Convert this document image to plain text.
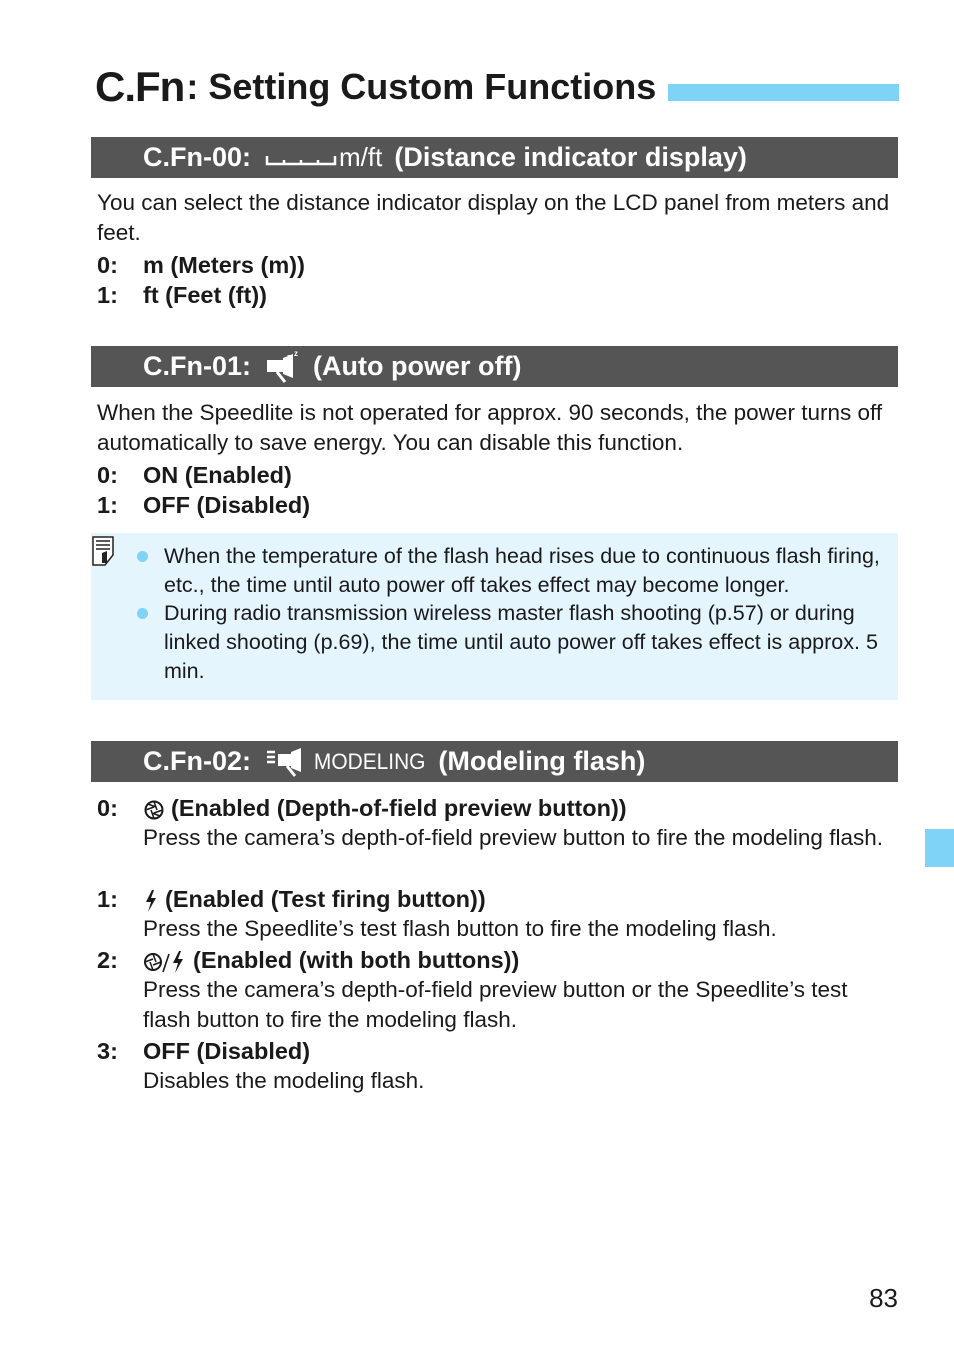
C.Fn : Setting Custom Functions
C.Fn-00:	m/ft (Distance indicator display)
You can select the distance indicator display on the LCD panel from meters and feet.
0: m (Meters (m))
1: ft (Feet (ft))
C.Fn-01:	z z (Auto power off)
When the Speedlite is not operated for approx. 90 seconds, the power turns off automatically to save energy. You can disable this function.
0: ON (Enabled)
1: OFF (Disabled)
When the temperature of the flash head rises due to continuous flash firing, etc., the time until auto power off takes effect may become longer.
During radio transmission wireless master flash shooting (p.57) or during linked shooting (p.69), the time until auto power off takes effect is approx. 5 min.
C.Fn-02:	MODELING (Modeling flash)
0: (Enabled (Depth-of-field preview button))
Press the camera’s depth-of-field preview button to fire the modeling flash.
1: (Enabled (Test firing button))
Press the Speedlite’s test flash button to fire the modeling flash.
2:	(Enabled (with both buttons))
Press the camera’s depth-of-field preview button or the Speedlite’s test flash button to fire the modeling flash.
3: OFF (Disabled)
Disables the modeling flash.
83
